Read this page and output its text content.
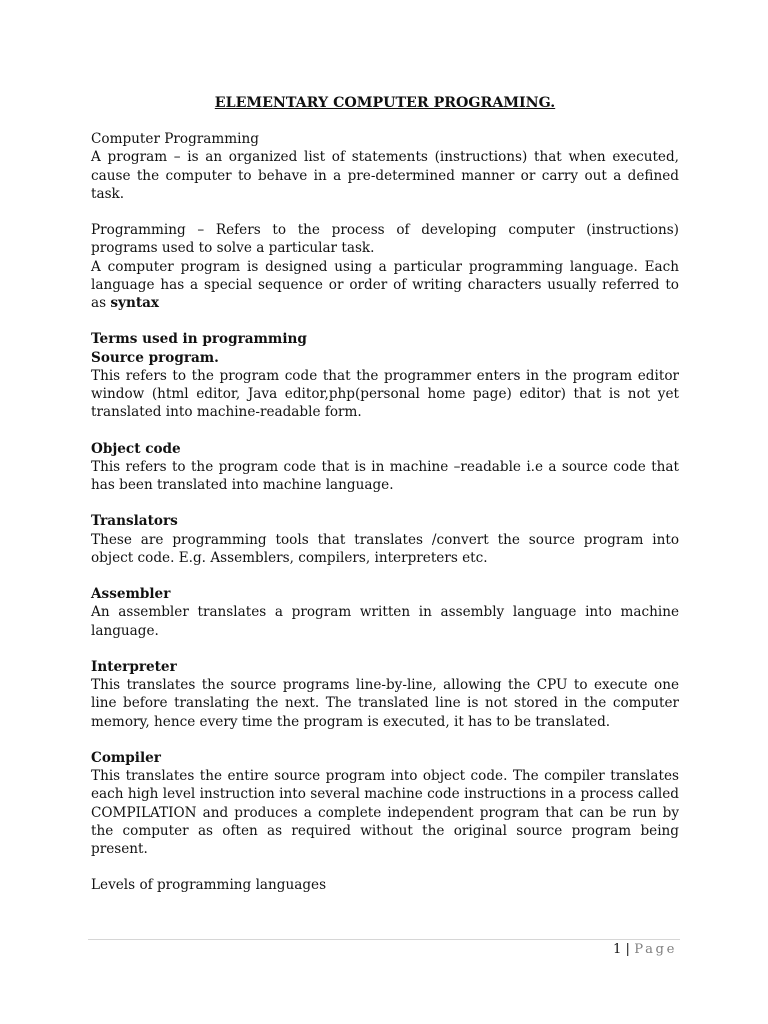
ELEMENTARY COMPUTER PROGRAMING.

Computer Programming

A program – is an organized list of statements (instructions) that when executed, cause the computer to behave in a pre-determined manner or carry out a defined task.

Programming – Refers to the process of developing computer (instructions) programs used to solve a particular task.

A computer program is designed using a particular programming language. Each language has a special sequence or order of writing characters usually referred to as syntax

Terms used in programming

Source program.

This refers to the program code that the programmer enters in the program editor window (html editor, Java editor,php(personal home page) editor) that is not yet translated into machine-readable form.

Object code

This refers to the program code that is in machine –readable i.e a source code that has been translated into machine language.

Translators

These are programming tools that translates /convert the source program into object code. E.g. Assemblers, compilers, interpreters etc.

Assembler

An assembler translates a program written in assembly language into machine language.

Interpreter

This translates the source programs line-by-line, allowing the CPU to execute one line before translating the next. The translated line is not stored in the computer memory, hence every time the program is executed, it has to be translated.

Compiler

This translates the entire source program into object code. The compiler translates each high level instruction into several machine code instructions in a process called COMPILATION and produces a complete independent program that can be run by the computer as often as required without the original source program being present.

Levels of programming languages

1 | Page
